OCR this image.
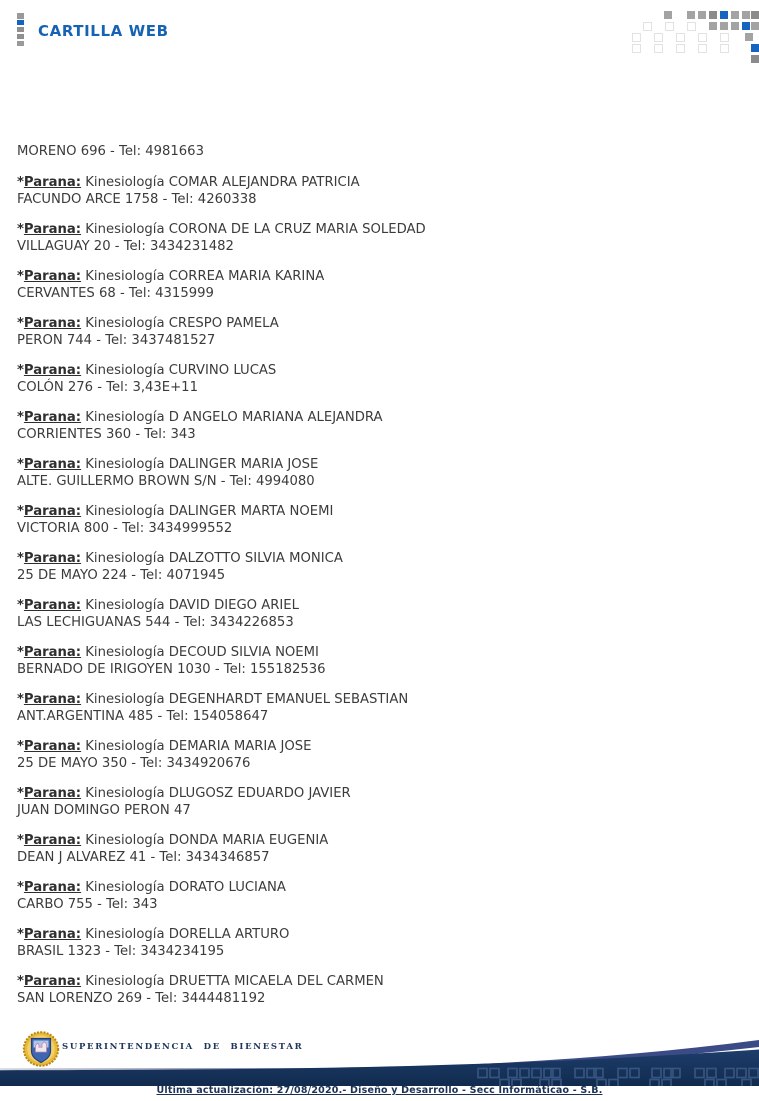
CARTILLA WEB
MORENO 696 - Tel: 4981663
*Parana: Kinesiología COMAR ALEJANDRA PATRICIA
FACUNDO ARCE 1758 - Tel: 4260338
*Parana: Kinesiología CORONA DE LA CRUZ MARIA SOLEDAD
VILLAGUAY 20 - Tel: 3434231482
*Parana: Kinesiología CORREA MARIA KARINA
CERVANTES 68 - Tel: 4315999
*Parana: Kinesiología CRESPO PAMELA
PERON 744 - Tel: 3437481527
*Parana: Kinesiología CURVINO LUCAS
COLÓN 276 - Tel: 3,43E+11
*Parana: Kinesiología D ANGELO MARIANA ALEJANDRA
CORRIENTES 360 - Tel: 343
*Parana: Kinesiología DALINGER MARIA JOSE
ALTE. GUILLERMO BROWN S/N - Tel: 4994080
*Parana: Kinesiología DALINGER MARTA NOEMI
VICTORIA 800 - Tel: 3434999552
*Parana: Kinesiología DALZOTTO SILVIA MONICA
25 DE MAYO 224 - Tel: 4071945
*Parana: Kinesiología DAVID DIEGO ARIEL
LAS LECHIGUANAS 544 - Tel: 3434226853
*Parana: Kinesiología DECOUD SILVIA NOEMI
BERNADO DE IRIGOYEN 1030 - Tel: 155182536
*Parana: Kinesiología DEGENHARDT EMANUEL SEBASTIAN
ANT.ARGENTINA 485 - Tel: 154058647
*Parana: Kinesiología DEMARIA MARIA JOSE
25 DE MAYO 350 - Tel: 3434920676
*Parana: Kinesiología DLUGOSZ EDUARDO JAVIER
JUAN DOMINGO PERON 47
*Parana: Kinesiología DONDA MARIA EUGENIA
DEAN J ALVAREZ 41 - Tel: 3434346857
*Parana: Kinesiología DORATO LUCIANA
CARBO 755 - Tel: 343
*Parana: Kinesiología DORELLA ARTURO
BRASIL 1323 - Tel: 3434234195
*Parana: Kinesiología DRUETTA MICAELA DEL CARMEN
SAN LORENZO 269 - Tel: 3444481192
SUPERINTENDENCIA DE BIENESTAR
Última actualización: 27/08/2020.- Diseño y Desarrollo - Secc Informáticao - S.B.
